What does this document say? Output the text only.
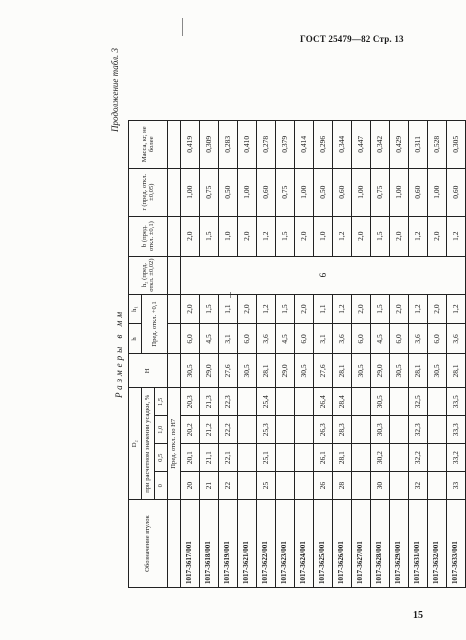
ГОСТ 25479—82 Стр. 13
Размеры в мм
Продолжение табл. 3
Обозначение втулок	D₂				H	h	h₁	h₂ (пред. откл. ±0,02)	b (пред. откл. ±0,1)	r (пред. откл. ±0,05)	Масса, кг, не более
	при расчетном значении усадки, %					Пред. откл. +0,1					
	0	0,5	1,0	1,5							
	Пред. откл. по Н7										
1017-3617/001	20	20,1	20,2	20,3	30,5	6,0	2,0	6	2,0	1,00	0,419
1017-3618/001	21	21,1	21,2	21,3	29,0	4,5	1,5		1,5	0,75	0,309
1017-3619/001	22	22,1	22,2	22,3	27,6	3,1	1,1		1,0	0,50	0,283
1017-3621/001					30,5	6,0	2,0		2,0	1,00	0,410
1017-3622/001	25	25,1	25,3	25,4	28,1	3,6	1,2		1,2	0,60	0,278
1017-3623/001					29,0	4,5	1,5		1,5	0,75	0,379
1017-3624/001					30,5	6,0	2,0		2,0	1,00	0,414
1017-3625/001	26	26,1	26,3	26,4	27,6	3,1	1,1		1,0	0,50	0,296
1017-3626/001	28	28,1	28,3	28,4	28,1	3,6	1,2		1,2	0,60	0,344
1017-3627/001					30,5	6,0	2,0		2,0	1,00	0,447
1017-3628/001	30	30,2	30,3	30,5	29,0	4,5	1,5		1,5	0,75	0,342
1017-3629/001					30,5	6,0	2,0		2,0	1,00	0,429
1017-3631/001	32	32,2	32,3	32,5	28,1	3,6	1,2		1,2	0,60	0,311
1017-3632/001					30,5	6,0	2,0		2,0	1,00	0,528
1017-3633/001	33	33,2	33,3	33,5	28,1	3,6	1,2		1,2	0,60	0,305
15
